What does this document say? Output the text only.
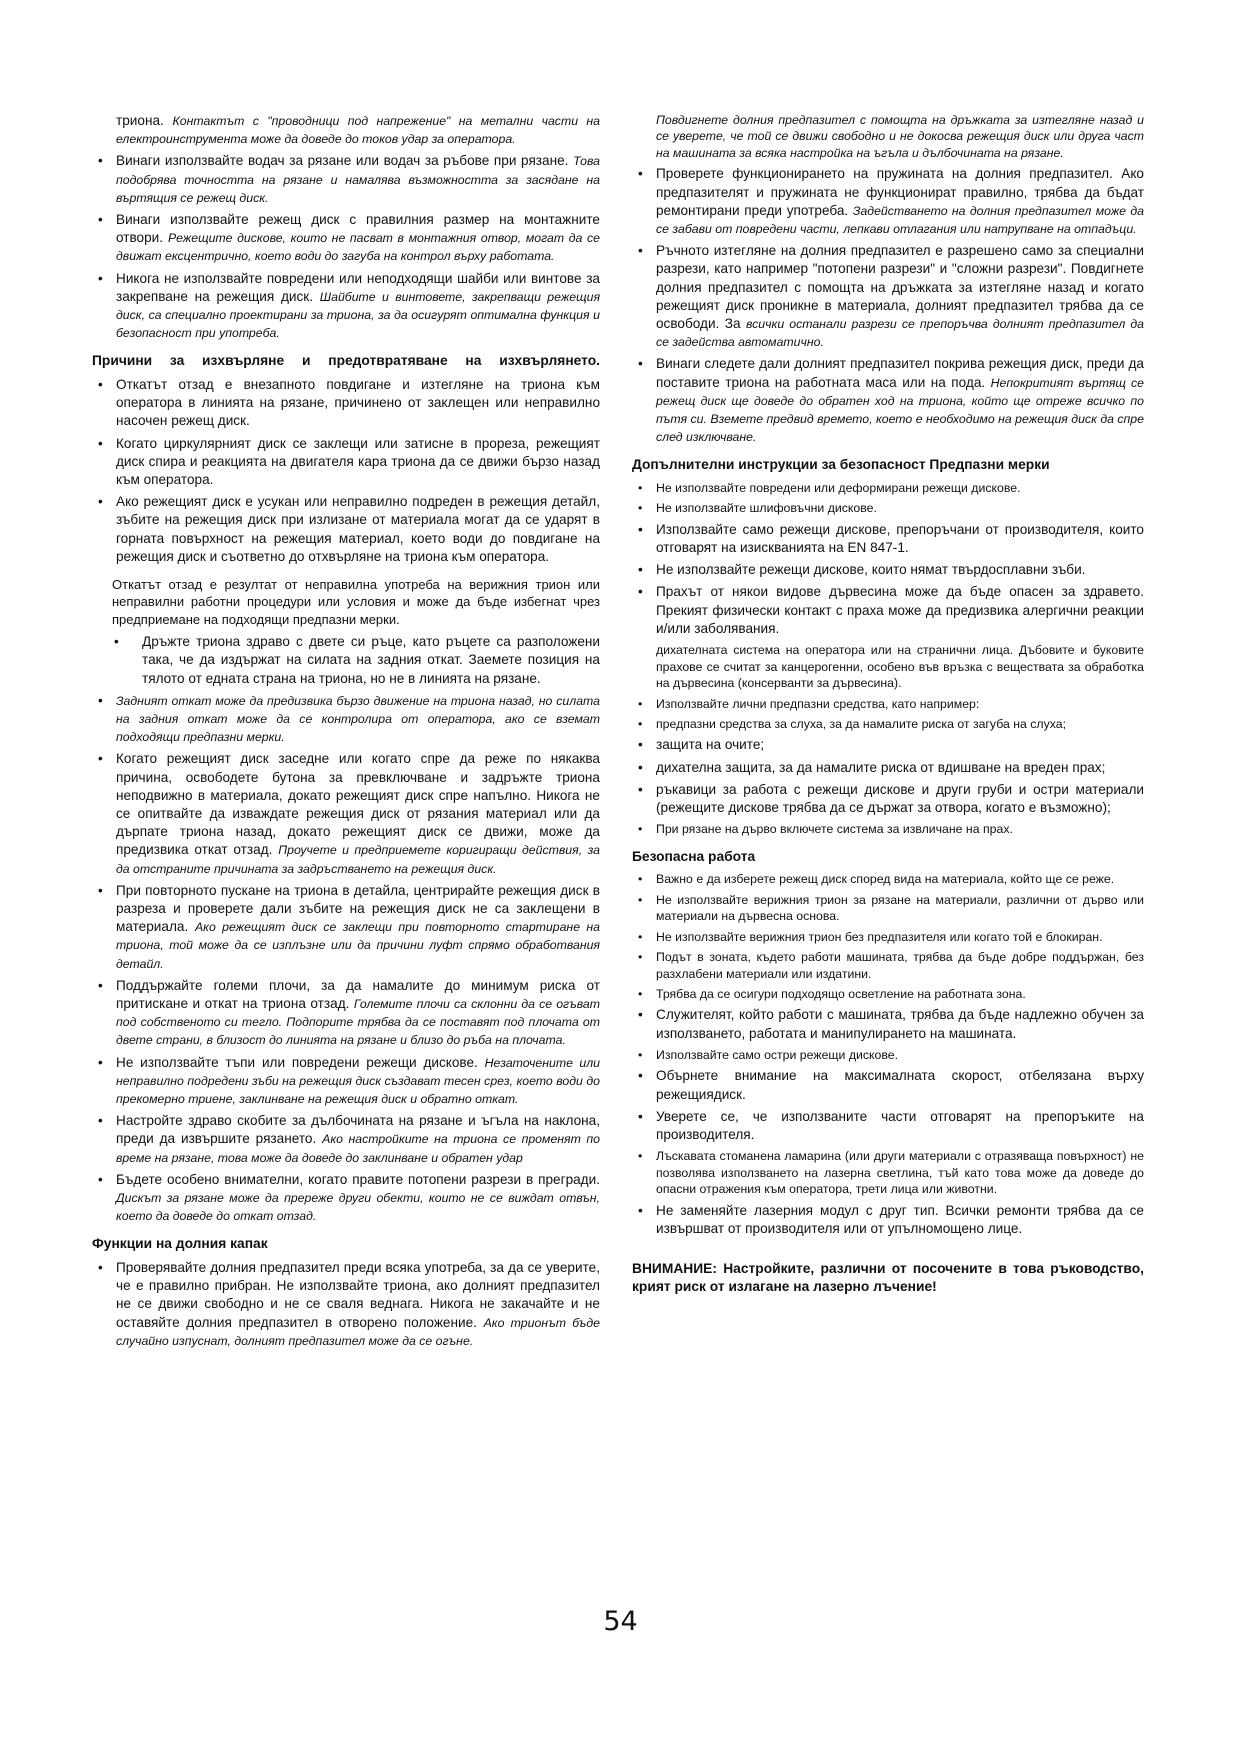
триона. Контактът с "проводници под напрежение" на метални части на електроинструмента може да доведе до токов удар за оператора.

• Винаги използвайте водач за рязане или водач за ръбове при рязане. Това подобрява точността на рязане и намалява възможността за засядане на въртящия се режещ диск.
• Винаги използвайте режещ диск с правилния размер на монтажните отвори. Режещите дискове, които не пасват в монтажния отвор, могат да се движат ексцентрично, което води до загуба на контрол върху работата.
• Никога не използвайте повредени или неподходящи шайби или винтове за закрепване на режещия диск. Шайбите и винтовете, закрепващи режещия диск, са специално проектирани за триона, за да осигурят оптимална функция и безопасност при употреба.
Причини за изхвърляне и предотвратяване на изхвърлянето.
• Откатът отзад е внезапното повдигане и изтегляне на триона към оператора в линията на рязане, причинено от заклещен или неправилно насочен режещ диск.
• Когато циркулярният диск се заклещи или затисне в прореза, режещият диск спира и реакцията на двигателя кара триона да се движи бързо назад към оператора.
• Ако режещият диск е усукан или неправилно подреден в режещия детайл, зъбите на режещия диск при излизане от материала могат да се ударят в горната повърхност на режещия материал, което води до повдигане на режещия диск и съответно до отхвърляне на триона към оператора.

Откатът отзад е резултат от неправилна употреба на верижния трион или неправилни работни процедури или условия и може да бъде избегнат чрез предприемане на подходящи предпазни мерки.

• Дръжте триона здраво с двете си ръце, като ръцете са разположени така, че да издържат на силата на задния откат. Заемете позиция на тялото от едната страна на триона, но не в линията на рязане.
• Задният откат може да предизвика бързо движение на триона назад, но силата на задния откат може да се контролира от оператора, ако се вземат подходящи предпазни мерки.
• Когато режещият диск заседне или когато спре да реже по някаква причина, освободете бутона за превключване и задръжте триона неподвижно в материала, докато режещият диск спре напълно. Никога не се опитвайте да изваждате режещия диск от рязания материал или да дърпате триона назад, докато режещият диск се движи, може да предизвика откат отзад. Проучете и предприемете коригиращи действия, за да отстраните причината за задръстването на режещия диск.
• При повторното пускане на триона в детайла, центрирайте режещия диск в разреза и проверете дали зъбите на режещия диск не са заклещени в материала. Ако режещият диск се заклещи при повторното стартиране на триона, той може да се изплъзне или да причини луфт спрямо обработвания детайл.
• Поддържайте големи плочи, за да намалите до минимум риска от притискане и откат на триона отзад. Големите плочи са склонни да се огъват под собственото си тегло. Подпорите трябва да се поставят под плочата от двете страни, в близост до линията на рязане и близо до ръба на плочата.
• Не използвайте тъпи или повредени режещи дискове. Незаточените или неправилно подредени зъби на режещия диск създават тесен срез, което води до прекомерно триене, заклинване на режещия диск и обратно откат.
• Настройте здраво скобите за дълбочината на рязане и ъгъла на наклона, преди да извършите рязането. Ако настройките на триона се променят по време на рязане, това може да доведе до заклинване и обратен удар
• Бъдете особено внимателни, когато правите потопени разрези в прегради. Дискът за рязане може да пререже други обекти, които не се виждат отвън, което да доведе до откат отзад.
Функции на долния капак
• Проверявайте долния предпазител преди всяка употреба, за да се уверите, че е правилно прибран. Не използвайте триона, ако долният предпазител не се движи свободно и не се сваля веднага. Никога не закачайте и не оставяйте долния предпазител в отворено положение. Ако трионът бъде случайно изпуснат, долният предпазител може да се огъне.

Повдигнете долния предпазител с помощта на дръжката за изтегляне назад и се уверете, че той се движи свободно и не докосва режещия диск или друга част на машината за всяка настройка на ъгъла и дълбочината на рязане.

• Проверете функционирането на пружината на долния предпазител. Ако предпазителят и пружината не функционират правилно, трябва да бъдат ремонтирани преди употреба. Задействането на долния предпазител може да се забави от повредени части, лепкави отлагания или натрупване на отпадъци.
• Ръчното изтегляне на долния предпазител е разрешено само за специални разрези, като например "потопени разрези" и "сложни разрези". Повдигнете долния предпазител с помощта на дръжката за изтегляне назад и когато режещият диск проникне в материала, долният предпазител трябва да се освободи. За всички останали разрези се препоръчва долният предпазител да се задейства автоматично.
• Винаги следете дали долният предпазител покрива режещия диск, преди да поставите триона на работната маса или на пода. Непокритият въртящ се режещ диск ще доведе до обратен ход на триона, който ще отреже всичко по пътя си. Вземете предвид времето, което е необходимо на режещия диск да спре след изключване.
Допълнителни инструкции за безопасност Предпазни мерки
• Не използвайте повредени или деформирани режещи дискове.
• Не използвайте шлифовъчни дискове.
• Използвайте само режещи дискове, препоръчани от производителя, които отговарят на изискванията на EN 847-1.
• Не използвайте режещи дискове, които нямат твърдосплавни зъби.
• Прахът от някои видове дървесина може да бъде опасен за здравето. Прекият физически контакт с праха може да предизвика алергични реакции и/или заболявания.

дихателната система на оператора или на странични лица. Дъбовите и буковите прахове се считат за канцерогенни, особено във връзка с веществата за обработка на дървесина (консерванти за дървесина).

• Използвайте лични предпазни средства, като например:
• предпазни средства за слуха, за да намалите риска от загуба на слуха;
• защита на очите;
• дихателна защита, за да намалите риска от вдишване на вреден прах;
• ръкавици за работа с режещи дискове и други груби и остри материали (режещите дискове трябва да се държат за отвора, когато е възможно);
• При рязане на дърво включете система за извличане на прах.
Безопасна работа
• Важно е да изберете режещ диск според вида на материала, който ще се реже.
• Не използвайте верижния трион за рязане на материали, различни от дърво или материали на дървесна основа.
• Не използвайте верижния трион без предпазителя или когато той е блокиран.
• Подът в зоната, където работи машината, трябва да бъде добре поддържан, без разхлабени материали или издатини.
• Трябва да се осигури подходящо осветление на работната зона.
• Служителят, който работи с машината, трябва да бъде надлежно обучен за използването, работата и манипулирането на машината.
• Използвайте само остри режещи дискове.
• Обърнете внимание на максималната скорост, отбелязана върху режещиядиск.
• Уверете се, че използваните части отговарят на препоръките на производителя.
• Лъскавата стоманена ламарина (или други материали с отразяваща повърхност) не позволява използването на лазерна светлина, тъй като това може да доведе до опасни отражения към оператора, трети лица или животни.
• Не заменяйте лазерния модул с друг тип. Всички ремонти трябва да се извършват от производителя или от упълномощено лице.

ВНИМАНИЕ: Настройките, различни от посочените в това ръководство, крият риск от излагане на лазерно лъчение!

54
